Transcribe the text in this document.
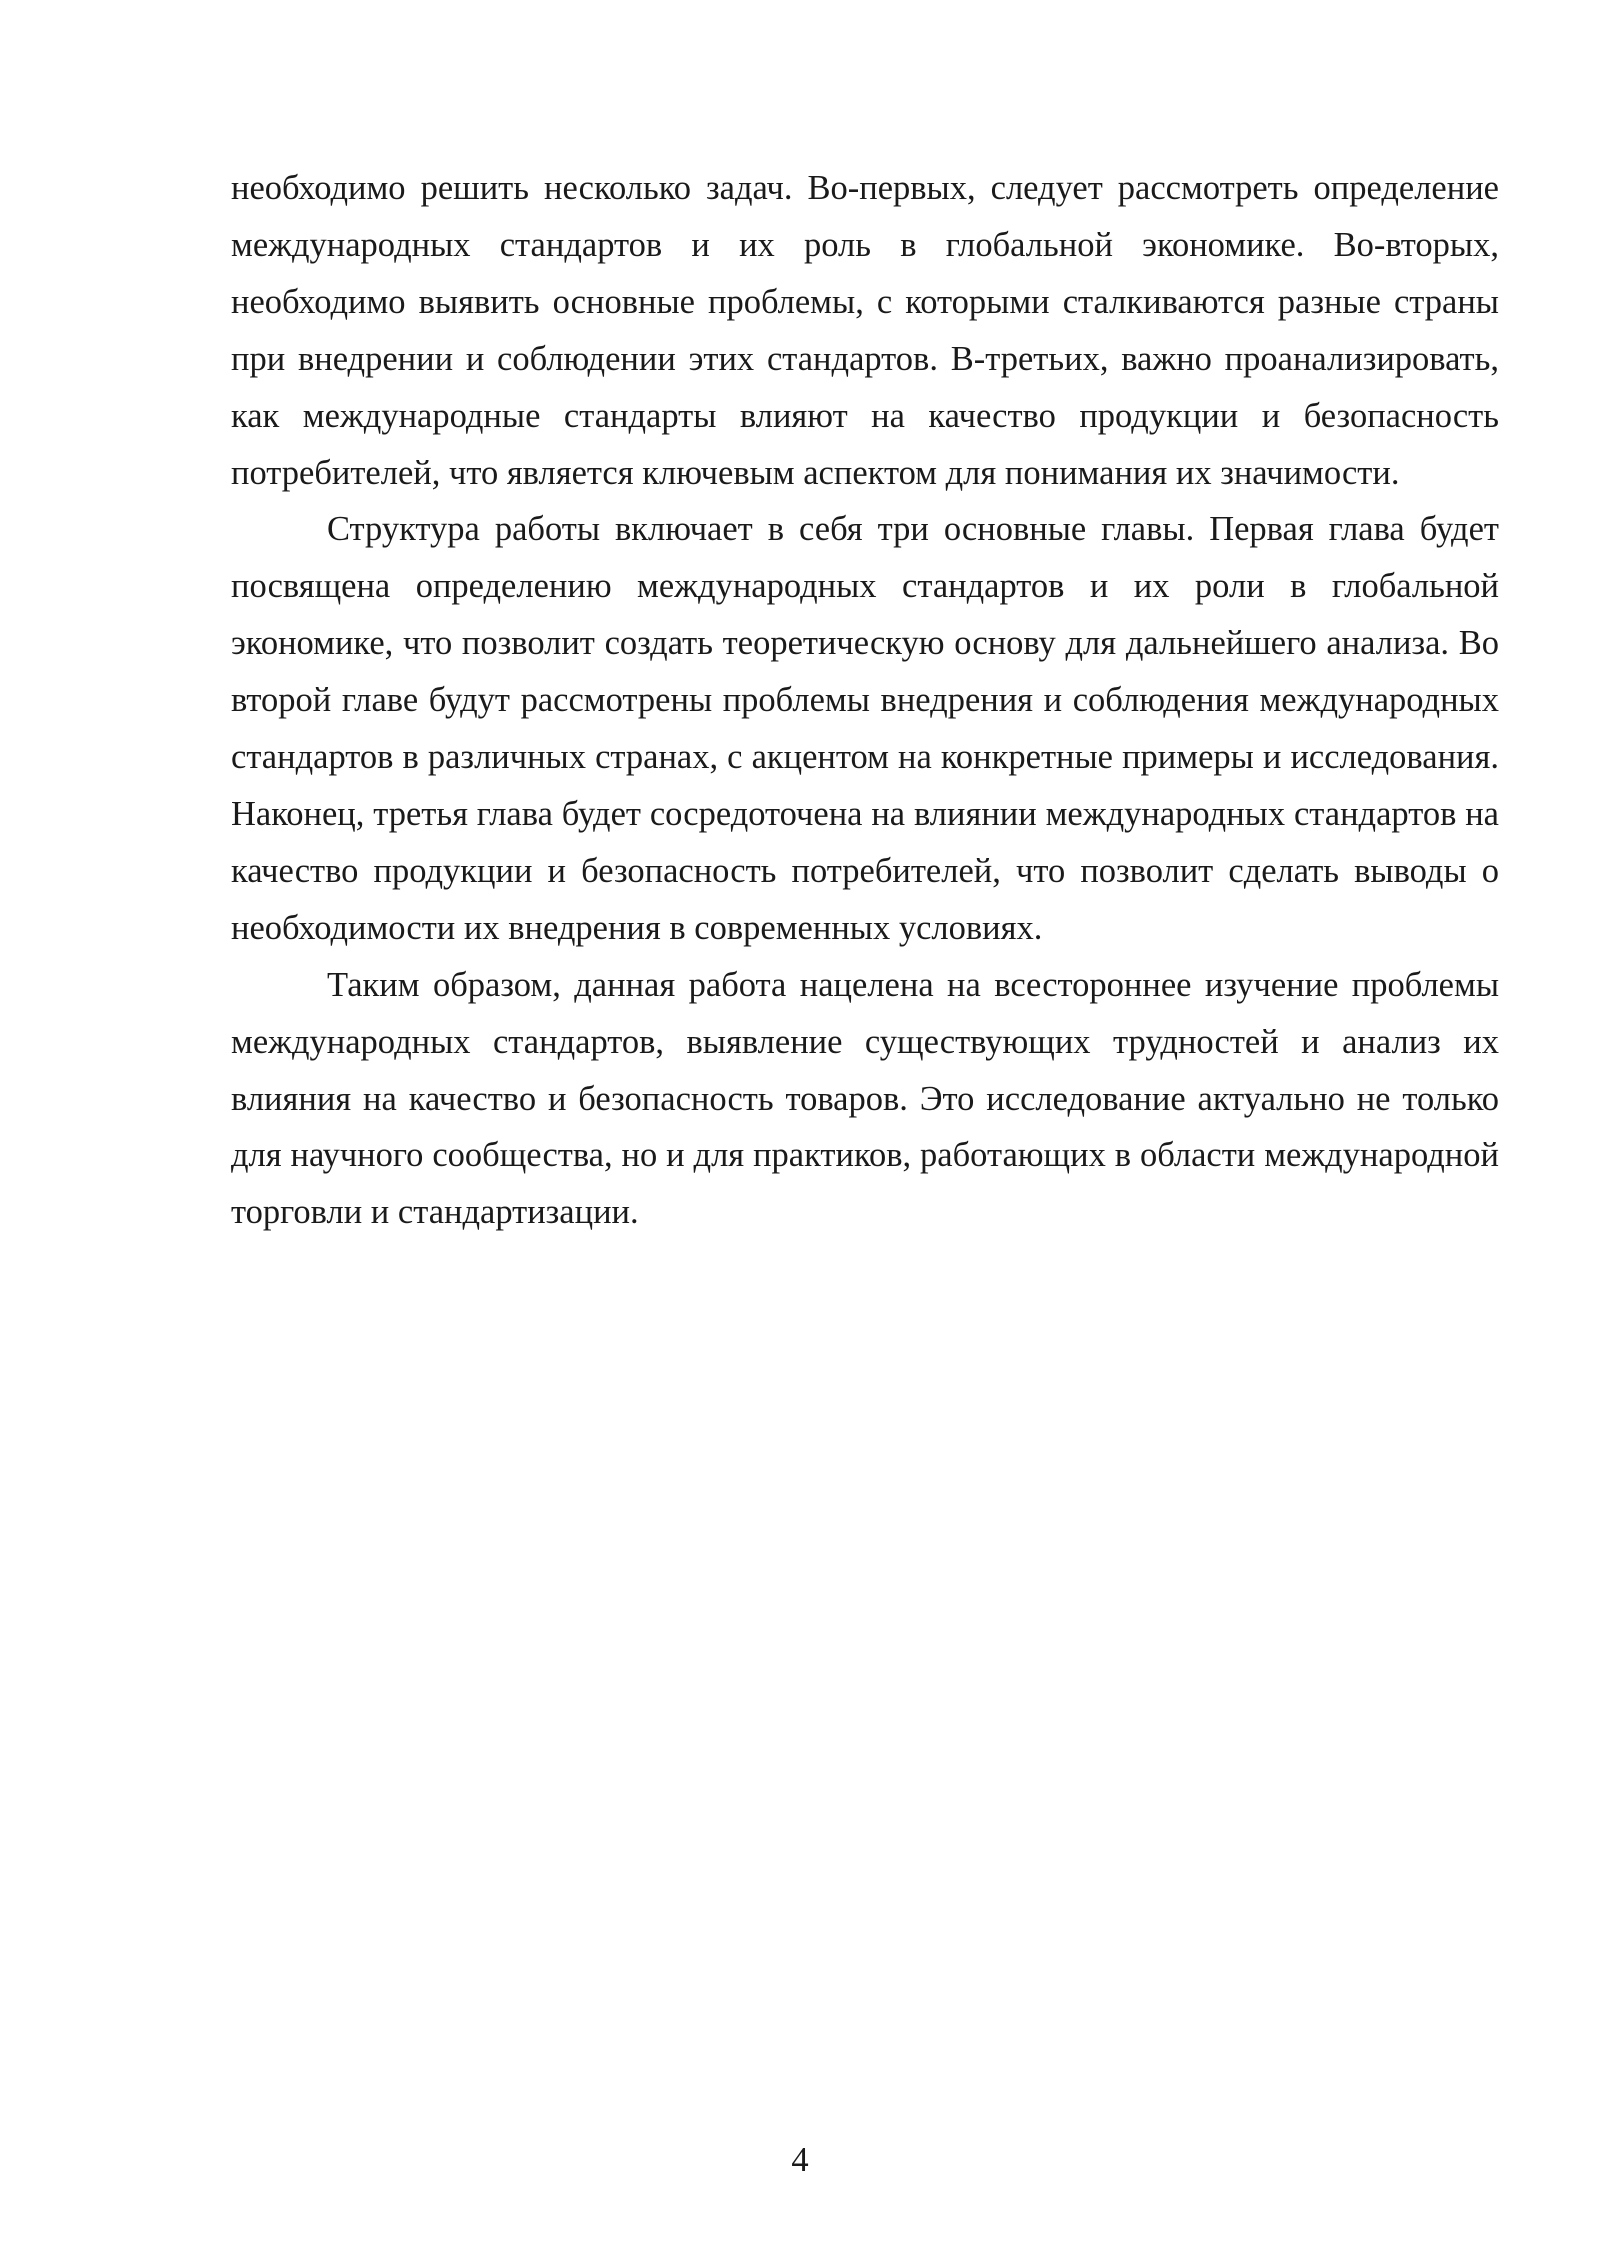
необходимо решить несколько задач. Во-первых, следует рассмотреть определение международных стандартов и их роль в глобальной экономике. Во-вторых, необходимо выявить основные проблемы, с которыми сталкиваются разные страны при внедрении и соблюдении этих стандартов. В-третьих, важно проанализировать, как международные стандарты влияют на качество продукции и безопасность потребителей, что является ключевым аспектом для понимания их значимости.

Структура работы включает в себя три основные главы. Первая глава будет посвящена определению международных стандартов и их роли в глобальной экономике, что позволит создать теоретическую основу для дальнейшего анализа. Во второй главе будут рассмотрены проблемы внедрения и соблюдения международных стандартов в различных странах, с акцентом на конкретные примеры и исследования. Наконец, третья глава будет сосредоточена на влиянии международных стандартов на качество продукции и безопасность потребителей, что позволит сделать выводы о необходимости их внедрения в современных условиях.

Таким образом, данная работа нацелена на всестороннее изучение проблемы международных стандартов, выявление существующих трудностей и анализ их влияния на качество и безопасность товаров. Это исследование актуально не только для научного сообщества, но и для практиков, работающих в области международной торговли и стандартизации.

4
